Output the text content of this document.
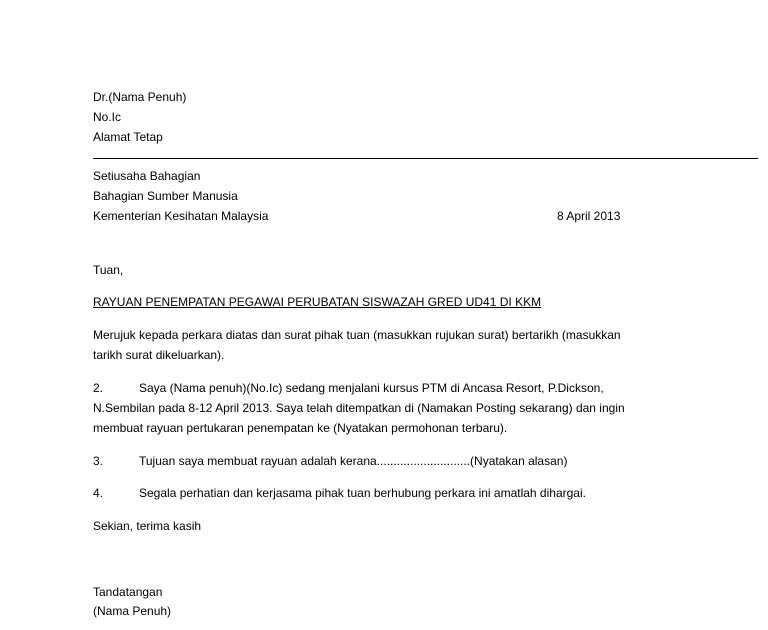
Dr.(Nama Penuh)
No.Ic
Alamat Tetap
Setiusaha Bahagian
Bahagian Sumber Manusia
Kementerian Kesihatan Malaysia	8 April 2013
Tuan,
RAYUAN PENEMPATAN PEGAWAI PERUBATAN SISWAZAH GRED UD41 DI KKM
Merujuk kepada perkara diatas dan surat pihak tuan (masukkan rujukan surat) bertarikh (masukkan
tarikh surat dikeluarkan).
2.	Saya (Nama penuh)(No.Ic) sedang menjalani kursus PTM di Ancasa Resort, P.Dickson,
N.Sembilan pada 8-12 April 2013. Saya telah ditempatkan di (Namakan Posting sekarang) dan ingin
membuat rayuan pertukaran penempatan ke (Nyatakan permohonan terbaru).
3.	Tujuan saya membuat rayuan adalah kerana............................(Nyatakan alasan)
4.	Segala perhatian dan kerjasama pihak tuan berhubung perkara ini amatlah dihargai.
Sekian, terima kasih
Tandatangan
(Nama Penuh)
